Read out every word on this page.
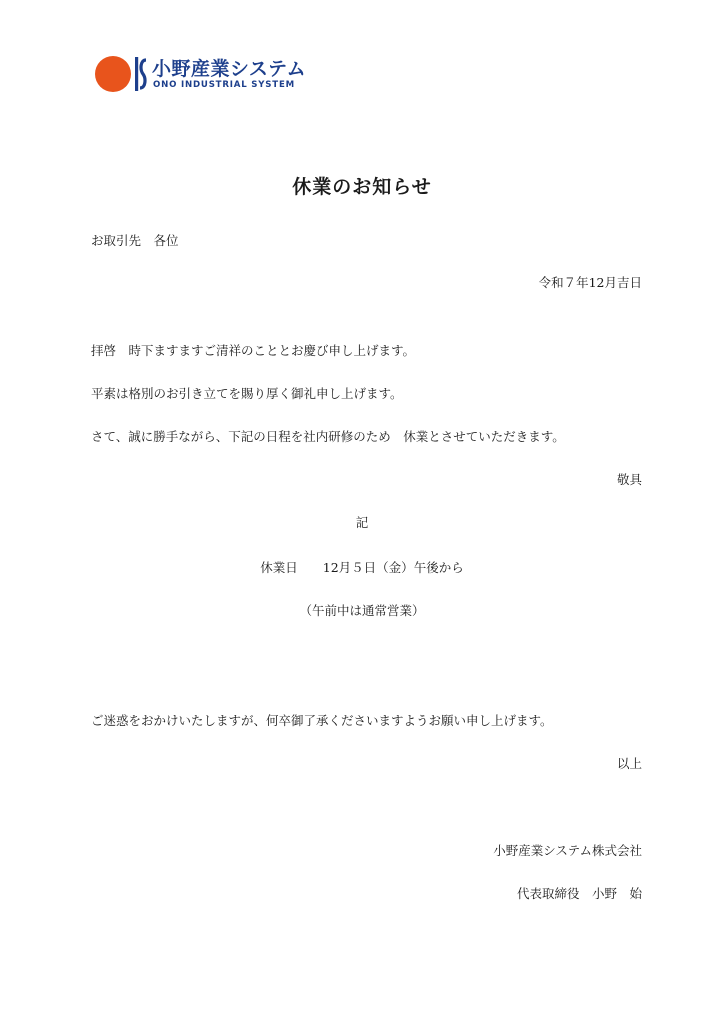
小野産業システム
ONO INDUSTRIAL SYSTEM
休業のお知らせ
お取引先　各位
令和７年12月吉日
拝啓　時下ますますご清祥のこととお慶び申し上げます。
平素は格別のお引き立てを賜り厚く御礼申し上げます。
さて、誠に勝手ながら、下記の日程を社内研修のため　休業とさせていただきます。
敬具
記
休業日　　12月５日（金）午後から
（午前中は通常営業）
ご迷惑をおかけいたしますが、何卒御了承くださいますようお願い申し上げます。
以上
小野産業システム株式会社
代表取締役　小野　始
